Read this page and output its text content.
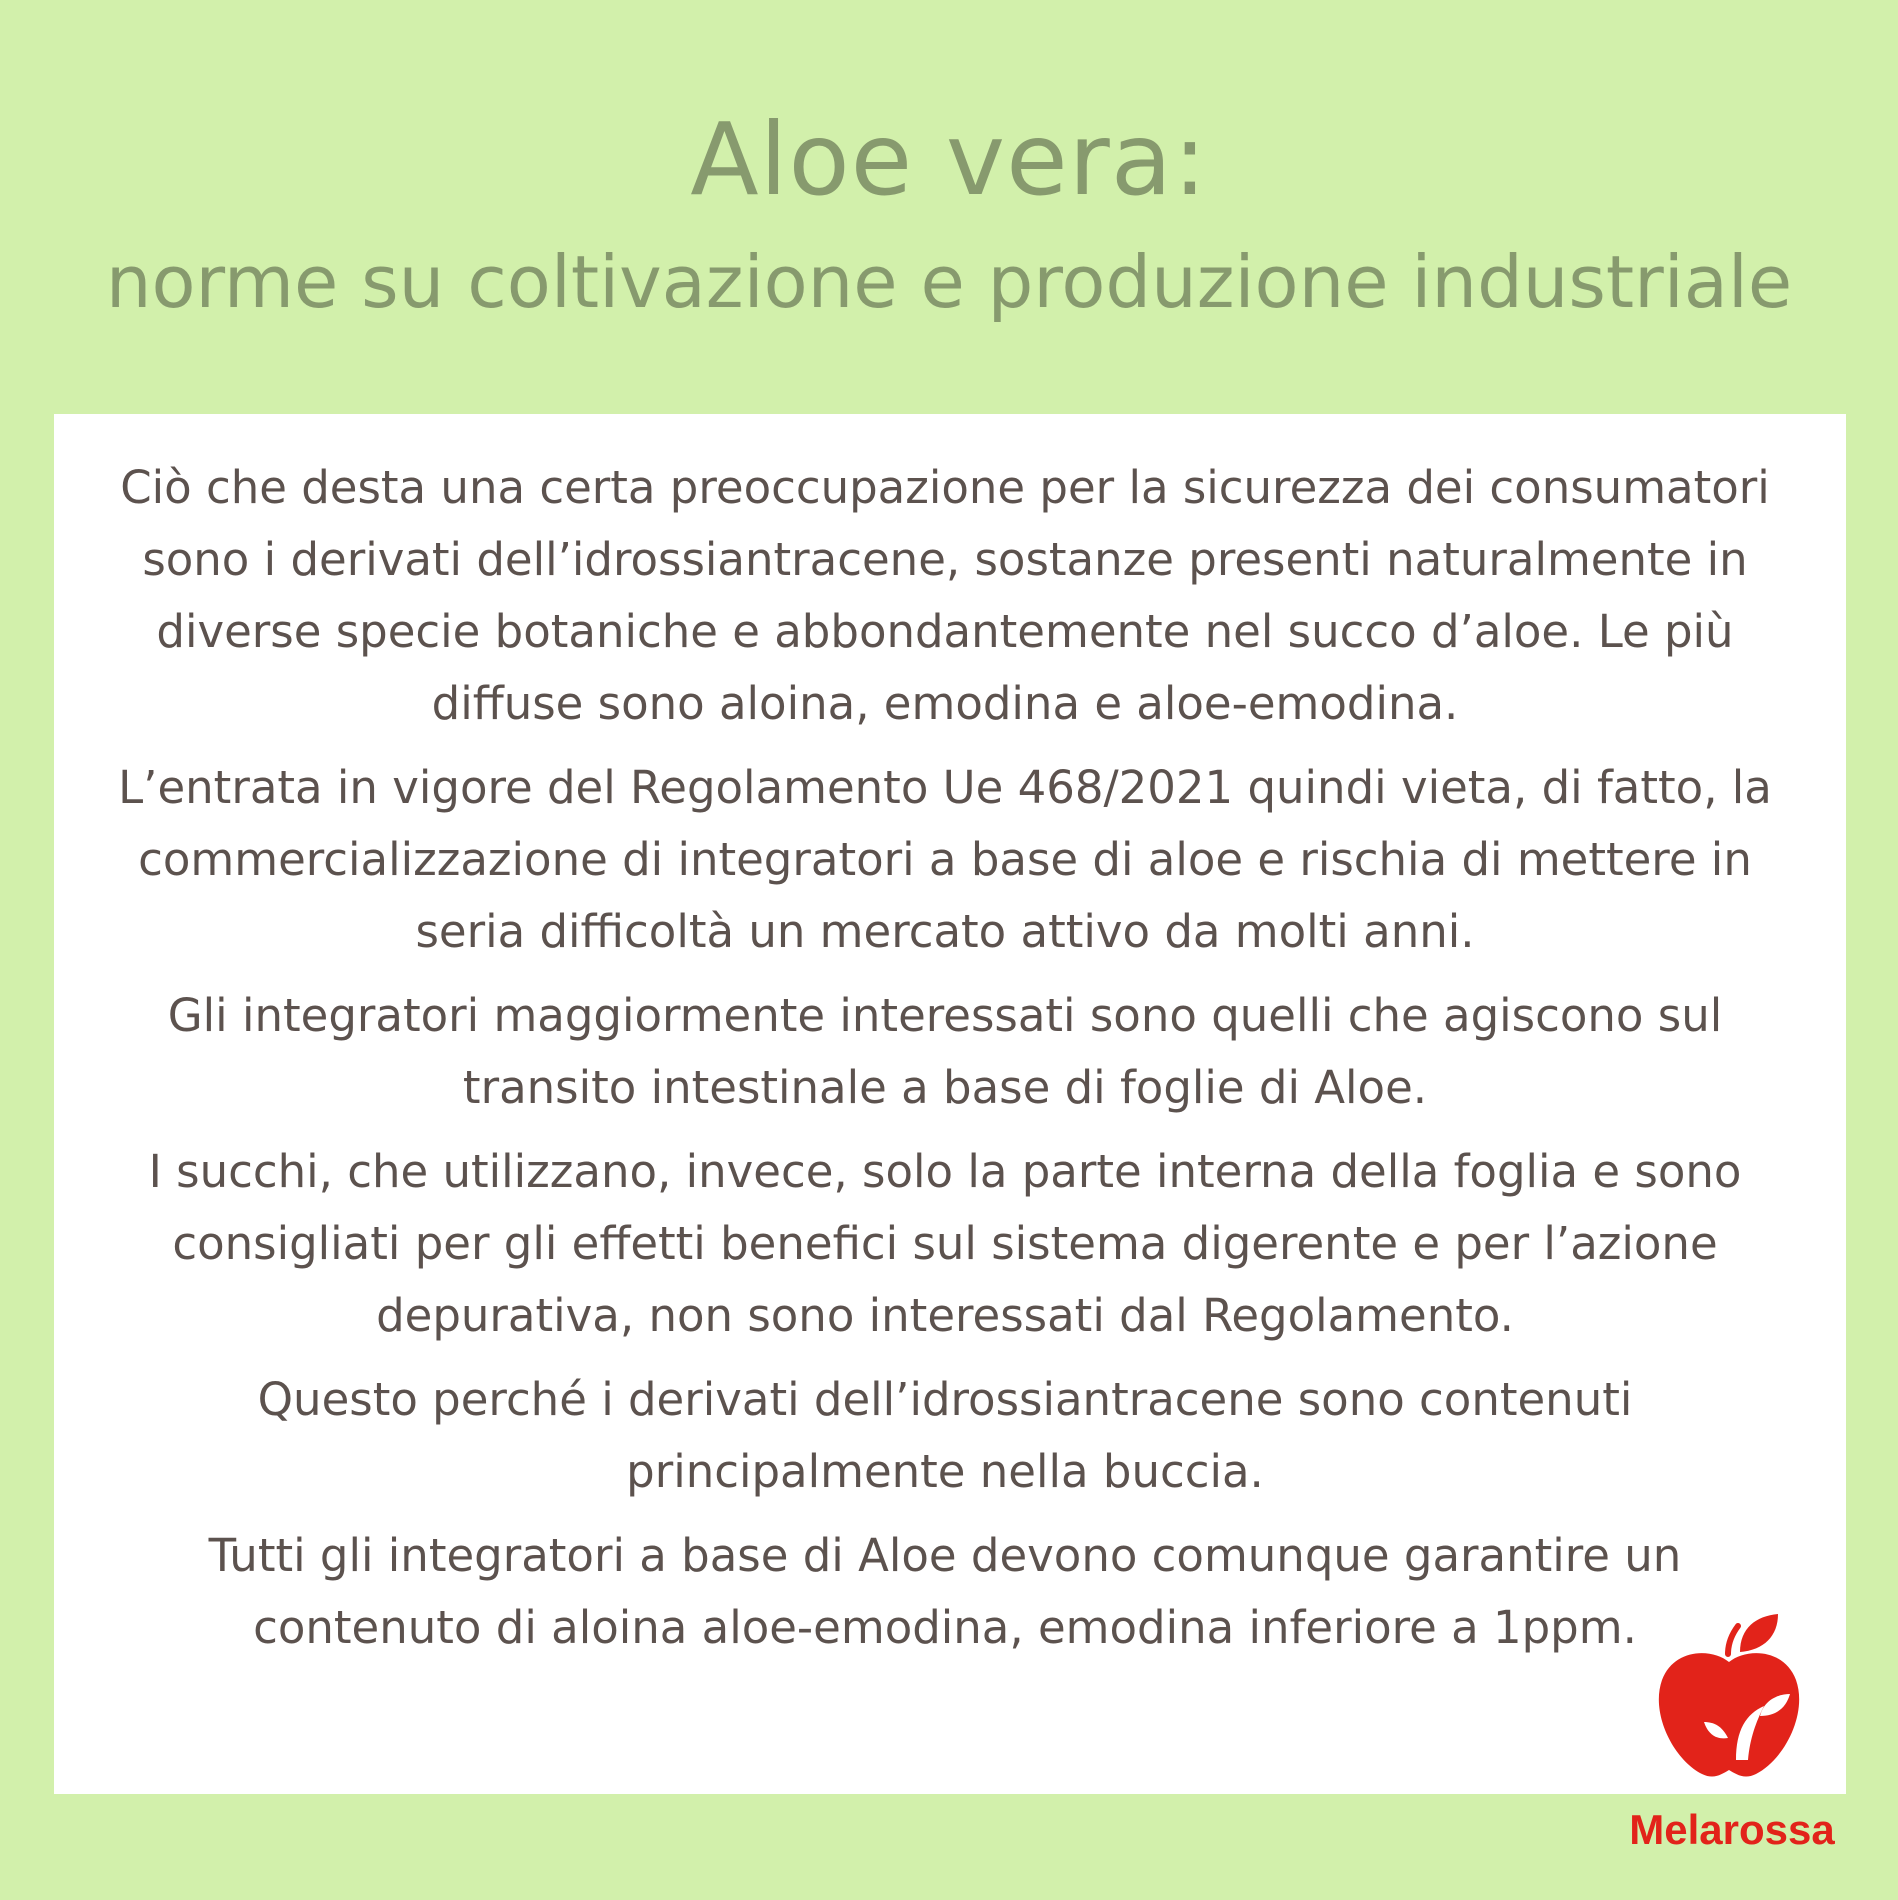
Aloe vera:
norme su coltivazione e produzione industriale

Ciò che desta una certa preoccupazione per la sicurezza dei consumatori sono i derivati dell’idrossiantracene, sostanze presenti naturalmente in diverse specie botaniche e abbondantemente nel succo d’aloe. Le più diffuse sono aloina, emodina e aloe-emodina.

L’entrata in vigore del Regolamento Ue 468/2021 quindi vieta, di fatto, la commercializzazione di integratori a base di aloe e rischia di mettere in seria difficoltà un mercato attivo da molti anni.

Gli integratori maggiormente interessati sono quelli che agiscono sul transito intestinale a base di foglie di Aloe.

I succhi, che utilizzano, invece, solo la parte interna della foglia e sono consigliati per gli effetti benefici sul sistema digerente e per l’azione depurativa, non sono interessati dal Regolamento.

Questo perché i derivati dell’idrossiantracene sono contenuti principalmente nella buccia.

Tutti gli integratori a base di Aloe devono comunque garantire un contenuto di aloina aloe-emodina, emodina inferiore a 1ppm.

Melarossa
